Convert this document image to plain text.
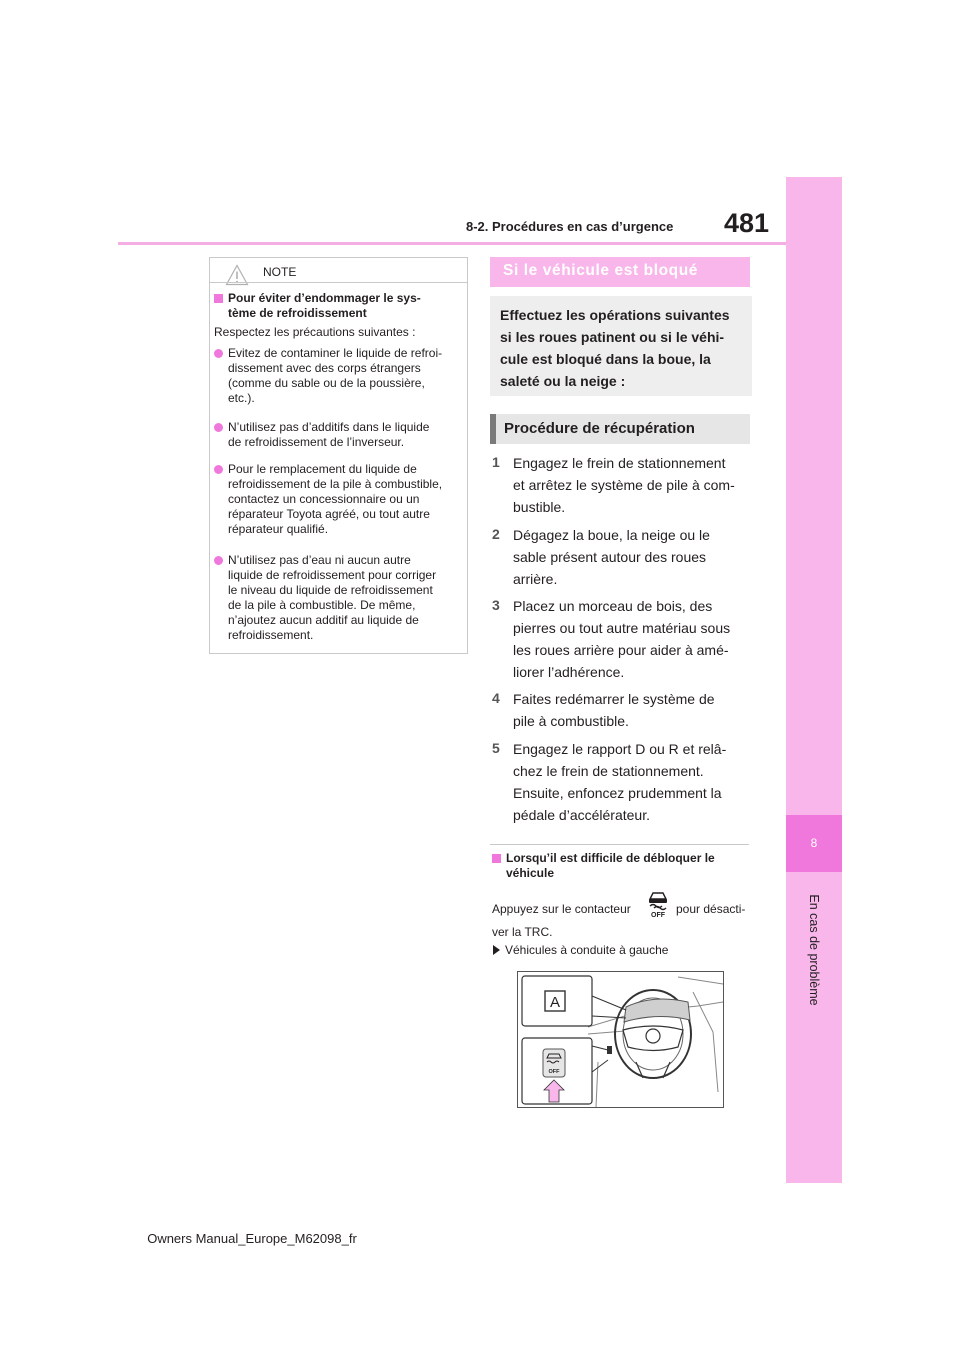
481
8-2. Procédures en cas d’urgence
8
En cas de problème
NOTE
Pour éviter d’endommager le sys-
tème de refroidissement
Respectez les précautions suivantes :
Evitez de contaminer le liquide de refroi-
dissement avec des corps étrangers
(comme du sable ou de la poussière,
etc.).
N’utilisez pas d’additifs dans le liquide
de refroidissement de l’inverseur.
Pour le remplacement du liquide de
refroidissement de la pile à combustible,
contactez un concessionnaire ou un
réparateur Toyota agréé, ou tout autre
réparateur qualifié.
N’utilisez pas d’eau ni aucun autre
liquide de refroidissement pour corriger
le niveau du liquide de refroidissement
de la pile à combustible. De même,
n’ajoutez aucun additif au liquide de
refroidissement.
Si le véhicule est bloqué
Effectuez les opérations suivantes
si les roues patinent ou si le véhi-
cule est bloqué dans la boue, la
saleté ou la neige :
Procédure de récupération
1 Engagez le frein de stationnement
et arrêtez le système de pile à com-
bustible.
2 Dégagez la boue, la neige ou le
sable présent autour des roues
arrière.
3 Placez un morceau de bois, des
pierres ou tout autre matériau sous
les roues arrière pour aider à amé-
liorer l’adhérence.
4 Faites redémarrer le système de
pile à combustible.
5 Engagez le rapport D ou R et relâ-
chez le frein de stationnement.
Ensuite, enfoncez prudemment la
pédale d’accélérateur.
Lorsqu’il est difficile de débloquer le
véhicule
Appuyez sur le contacteur	OFF pour désacti-
ver la TRC.
Véhicules à conduite à gauche
A
OFF
Owners Manual_Europe_M62098_fr
